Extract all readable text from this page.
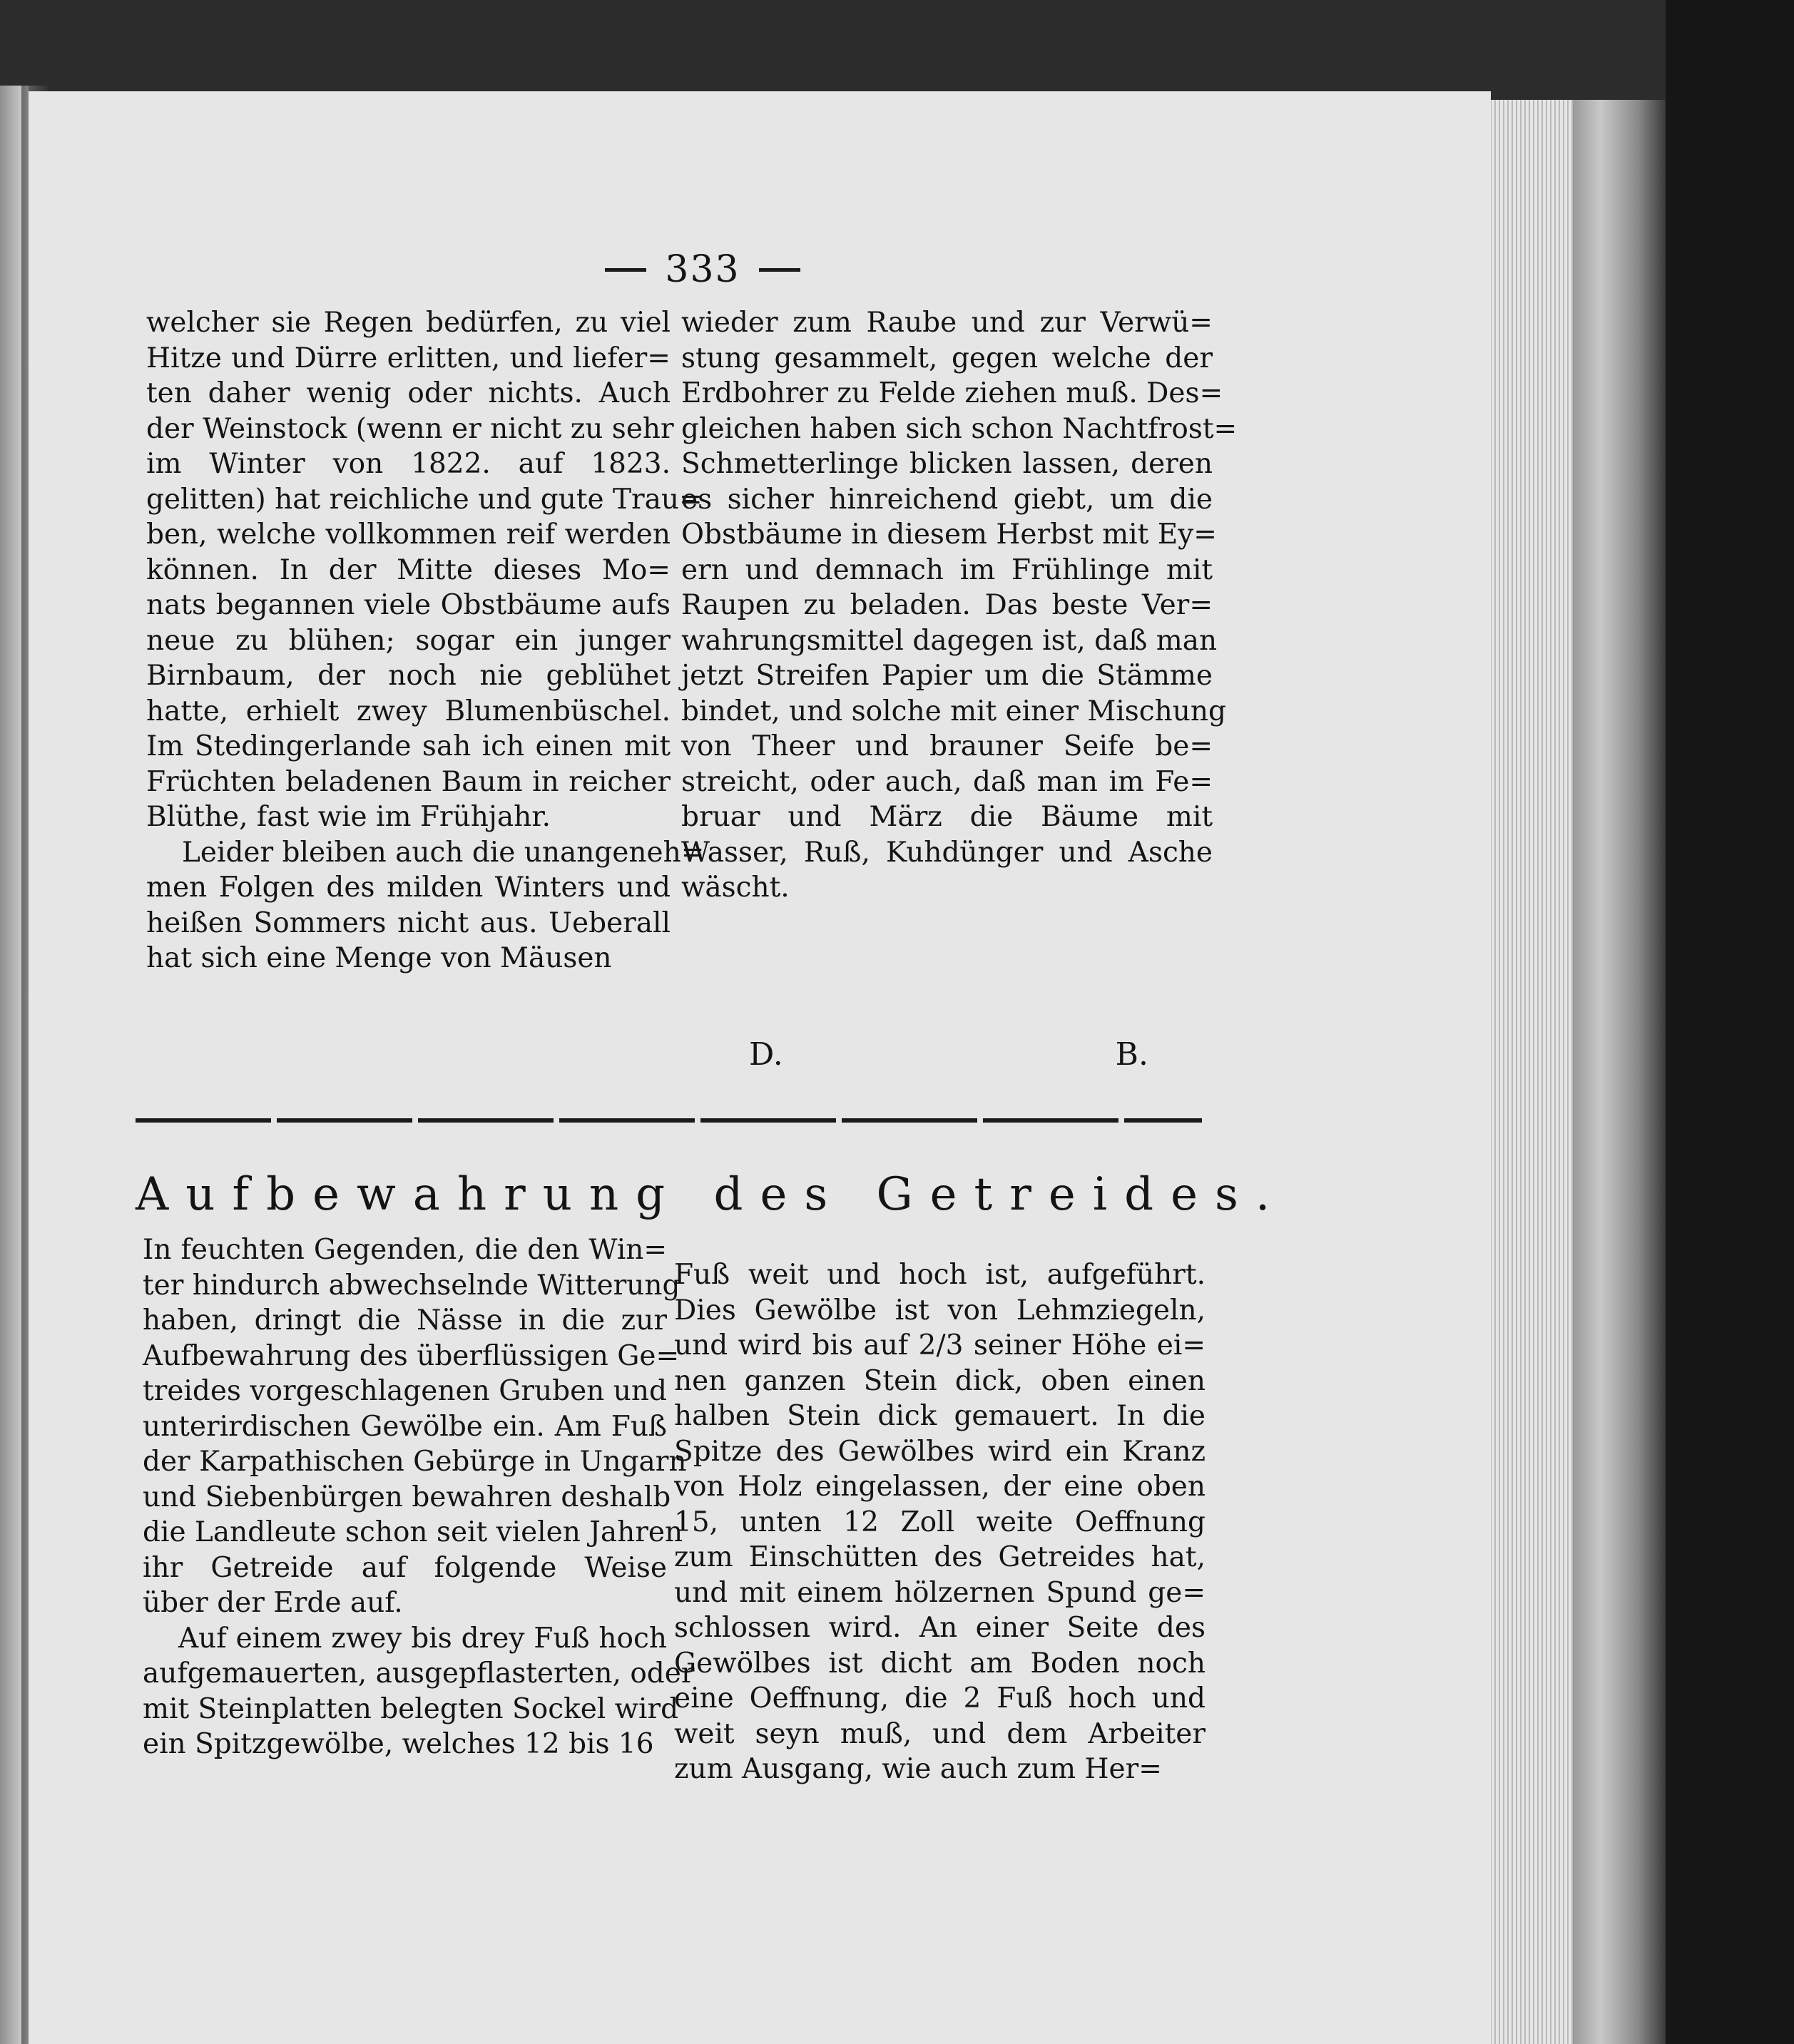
333
welcher sie Regen bedürfen, zu viel
Hitze und Dürre erlitten, und liefer=
ten daher wenig oder nichts. Auch
der Weinstock (wenn er nicht zu sehr
im Winter von 1822. auf 1823.
gelitten) hat reichliche und gute Trau=
ben, welche vollkommen reif werden
können. In der Mitte dieses Mo=
nats begannen viele Obstbäume aufs
neue zu blühen; sogar ein junger
Birnbaum, der noch nie geblühet
hatte, erhielt zwey Blumenbüschel.
Im Stedingerlande sah ich einen mit
Früchten beladenen Baum in reicher
Blüthe, fast wie im Frühjahr.
Leider bleiben auch die unangeneh=
men Folgen des milden Winters und
heißen Sommers nicht aus. Ueberall
hat sich eine Menge von Mäusen
wieder zum Raube und zur Verwü=
stung gesammelt, gegen welche der
Erdbohrer zu Felde ziehen muß. Des=
gleichen haben sich schon Nachtfrost=
Schmetterlinge blicken lassen, deren
es sicher hinreichend giebt, um die
Obstbäume in diesem Herbst mit Ey=
ern und demnach im Frühlinge mit
Raupen zu beladen. Das beste Ver=
wahrungsmittel dagegen ist, daß man
jetzt Streifen Papier um die Stämme
bindet, und solche mit einer Mischung
von Theer und brauner Seife be=
streicht, oder auch, daß man im Fe=
bruar und März die Bäume mit
Wasser, Ruß, Kuhdünger und Asche
wäscht.
D.	B.
Aufbewahrung des Getreides.
In feuchten Gegenden, die den Win=
ter hindurch abwechselnde Witterung
haben, dringt die Nässe in die zur
Aufbewahrung des überflüssigen Ge=
treides vorgeschlagenen Gruben und
unterirdischen Gewölbe ein. Am Fuß
der Karpathischen Gebürge in Ungarn
und Siebenbürgen bewahren deshalb
die Landleute schon seit vielen Jahren
ihr Getreide auf folgende Weise
über der Erde auf.
Auf einem zwey bis drey Fuß hoch
aufgemauerten, ausgepflasterten, oder
mit Steinplatten belegten Sockel wird
ein Spitzgewölbe, welches 12 bis 16
Fuß weit und hoch ist, aufgeführt.
Dies Gewölbe ist von Lehmziegeln,
und wird bis auf 2/3 seiner Höhe ei=
nen ganzen Stein dick, oben einen
halben Stein dick gemauert. In die
Spitze des Gewölbes wird ein Kranz
von Holz eingelassen, der eine oben
15, unten 12 Zoll weite Oeffnung
zum Einschütten des Getreides hat,
und mit einem hölzernen Spund ge=
schlossen wird. An einer Seite des
Gewölbes ist dicht am Boden noch
eine Oeffnung, die 2 Fuß hoch und
weit seyn muß, und dem Arbeiter
zum Ausgang, wie auch zum Her=
